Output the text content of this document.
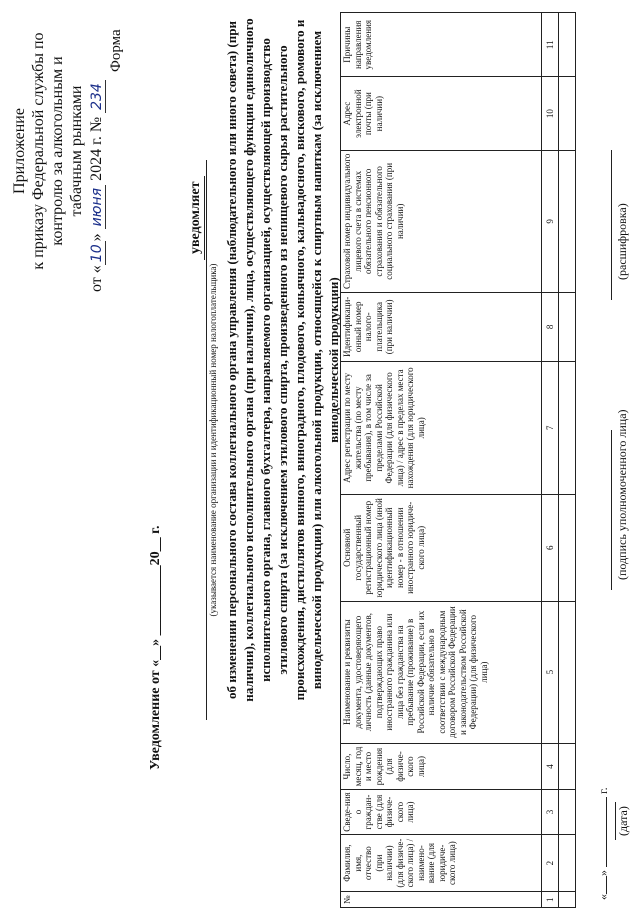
Приложение к приказу Федеральной службы по контролю за алкогольным и табачным рынками
от «10» июня 2024 г. № 234
Форма
Уведомление от «__» __________20__ г.
уведомляет
(указывается наименование организации и идентификационный номер налогоплательщика) об изменении персонального состава коллегиального органа управления (наблюдательного или иного совета) (при наличии), коллегиального исполнительного органа (при наличии), лица, осуществляющего функции единоличного исполнительного органа, главного бухгалтера, направляемого организацией, осуществляющей производство этилового спирта (за исключением этилового спирта, произведенного из непищевого сырья растительного происхождения, дистиллятов винного, виноградного, плодового, коньячного, кальвадосного, вискового, ромового и винодельческой продукции) или алкогольной продукции, относящейся к спиртным напиткам (за исключением винодельческой продукции)
№	Фамилия, имя, отчество (при наличии) (для физиче-ского лица) / наимено-вание (для юридиче-ского лица)	Сведе-ния о граждан-стве (для физиче-ского лица)	Число, месяц, год и место рождения (для физиче-ского лица)	Наименование и реквизиты документа, удостоверяющего личность (данные документов, подтверждающих право иностранного гражданина или лица без гражданства на пребывание (проживание) в Российской Федерации, если их наличие обязательно в соответствии с международным договором Российской Федерации и законодательством Российской Федерации) (для физического лица)	Основной государственный регистрационный номер юридического лица (иной идентификационный номер - в отношении иностранного юридиче-ского лица)	Адрес регистрации по месту жительства (по месту пребывания), в том числе за пределами Российской Федерации (для физического лица) / адрес в пределах места нахождения (для юридического лица)	Идентификаци-онный номер налого-плательщика (при наличии)	Страховой номер индивидуального лицевого счета в системах обязательного пенсионного страхования и обязательного социального страхования (при наличии)	Адрес электронной почты (при наличии)	Причины направления уведомления
1	2	3	4	5	6	7	8	9	10	11

«»  г.
(дата)
(подпись уполномоченного лица)
(расшифровка)
